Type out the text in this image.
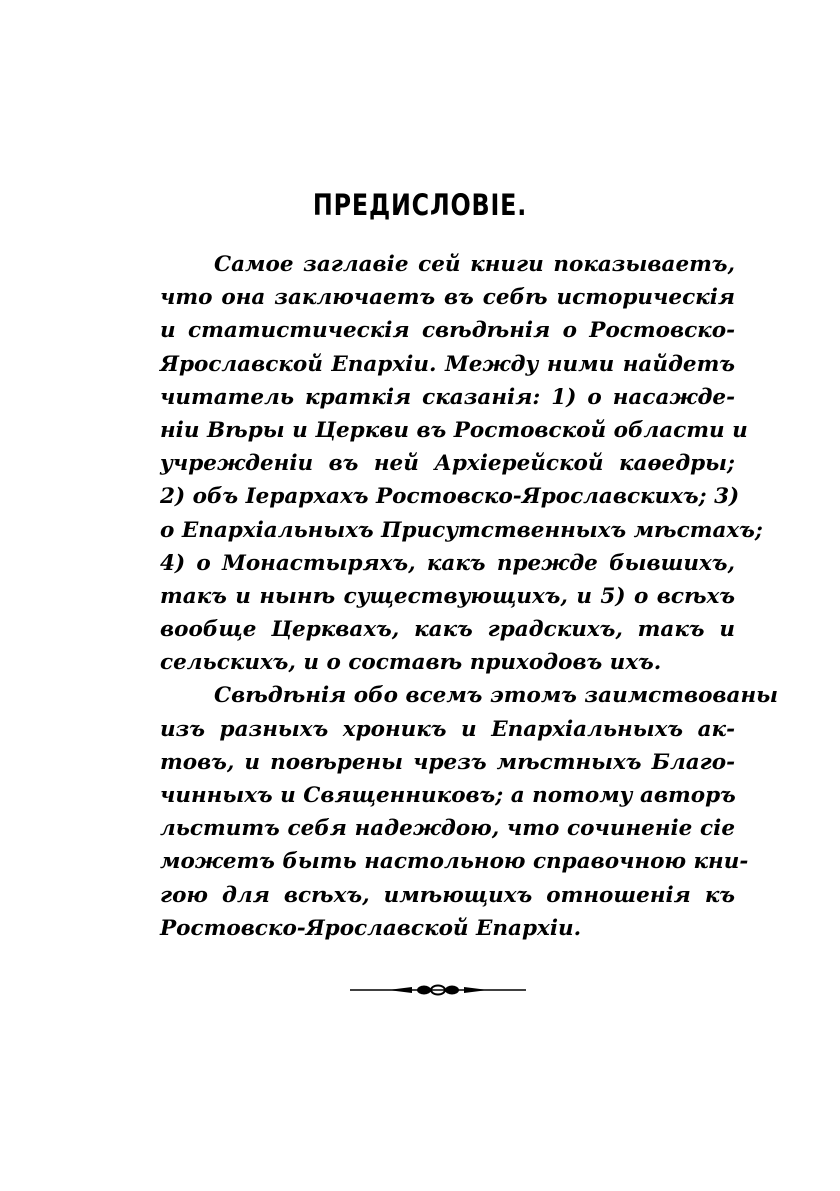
ПРЕДИСЛОВІЕ.
Самое заглавіе сей книги показываетъ,
что она заключаетъ въ себѣ историческія
и статистическія свѣдѣнія о Ростовско-
Ярославской Епархіи. Между ними найдетъ
читатель краткія сказанія: 1) о насажде-
ніи Вѣры и Церкви въ Ростовской области и
учрежденіи въ ней Архіерейской каѳедры;
2) объ Іерархахъ Ростовско-Ярославскихъ; 3)
о Епархіальныхъ Присутственныхъ мѣстахъ;
4) о Монастыряхъ, какъ прежде бывшихъ,
такъ и нынѣ существующихъ, и 5) о всѣхъ
вообще Церквахъ, какъ градскихъ, такъ и
сельскихъ, и о составѣ приходовъ ихъ.
Свѣдѣнія обо всемъ этомъ заимствованы
изъ разныхъ хроникъ и Епархіальныхъ ак-
товъ, и повѣрены чрезъ мѣстныхъ Благо-
чинныхъ и Священниковъ; а потому авторъ
льститъ себя надеждою, что сочиненіе сіе
можетъ быть настольною справочною кни-
гою для всѣхъ, имѣющихъ отношенія къ
Ростовско-Ярославской Епархіи.
